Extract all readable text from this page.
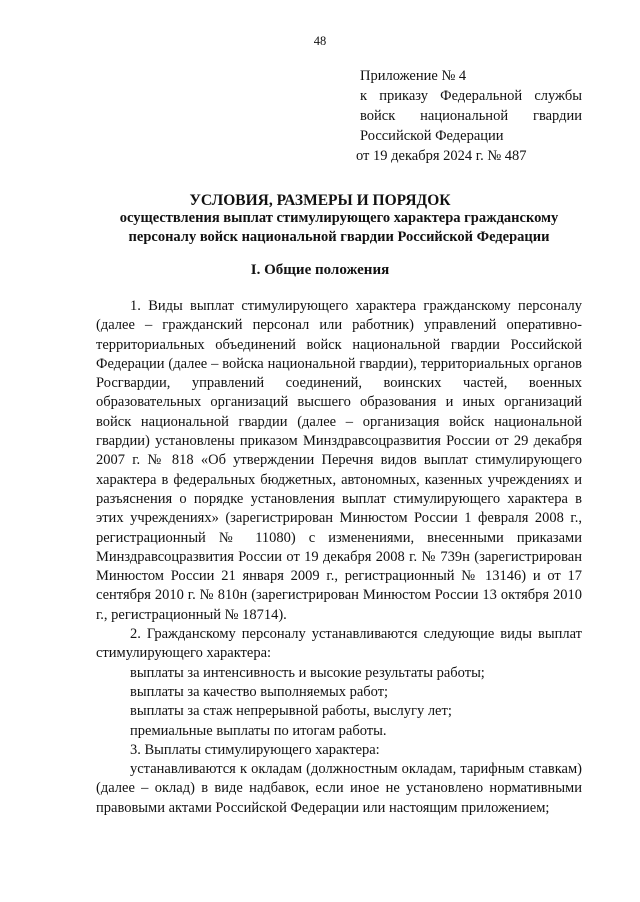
48
Приложение № 4
к приказу Федеральной службы
войск национальной гвардии
Российской Федерации
от 19 декабря 2024 г. № 487
УСЛОВИЯ, РАЗМЕРЫ И ПОРЯДОК
осуществления выплат стимулирующего характера гражданскому персоналу войск национальной гвардии Российской Федерации
I. Общие положения

1. Виды выплат стимулирующего характера гражданскому персоналу (далее – гражданский персонал или работник) управлений оперативно-территориальных объединений войск национальной гвардии Российской Федерации (далее – войска национальной гвардии), территориальных органов Росгвардии, управлений соединений, воинских частей, военных образовательных организаций высшего образования и иных организаций войск национальной гвардии (далее – организация войск национальной гвардии) установлены приказом Минздравсоцразвития России от 29 декабря 2007 г. № 818 «Об утверждении Перечня видов выплат стимулирующего характера в федеральных бюджетных, автономных, казенных учреждениях и разъяснения о порядке установления выплат стимулирующего характера в этих учреждениях» (зарегистрирован Минюстом России 1 февраля 2008 г., регистрационный № 11080) с изменениями, внесенными приказами Минздравсоцразвития России от 19 декабря 2008 г. № 739н (зарегистрирован Минюстом России 21 января 2009 г., регистрационный № 13146) и от 17 сентября 2010 г. № 810н (зарегистрирован Минюстом России 13 октября 2010 г., регистрационный № 18714).

2. Гражданскому персоналу устанавливаются следующие виды выплат стимулирующего характера:

выплаты за интенсивность и высокие результаты работы;

выплаты за качество выполняемых работ;

выплаты за стаж непрерывной работы, выслугу лет;

премиальные выплаты по итогам работы.

3. Выплаты стимулирующего характера:

устанавливаются к окладам (должностным окладам, тарифным ставкам) (далее – оклад) в виде надбавок, если иное не установлено нормативными правовыми актами Российской Федерации или настоящим приложением;
